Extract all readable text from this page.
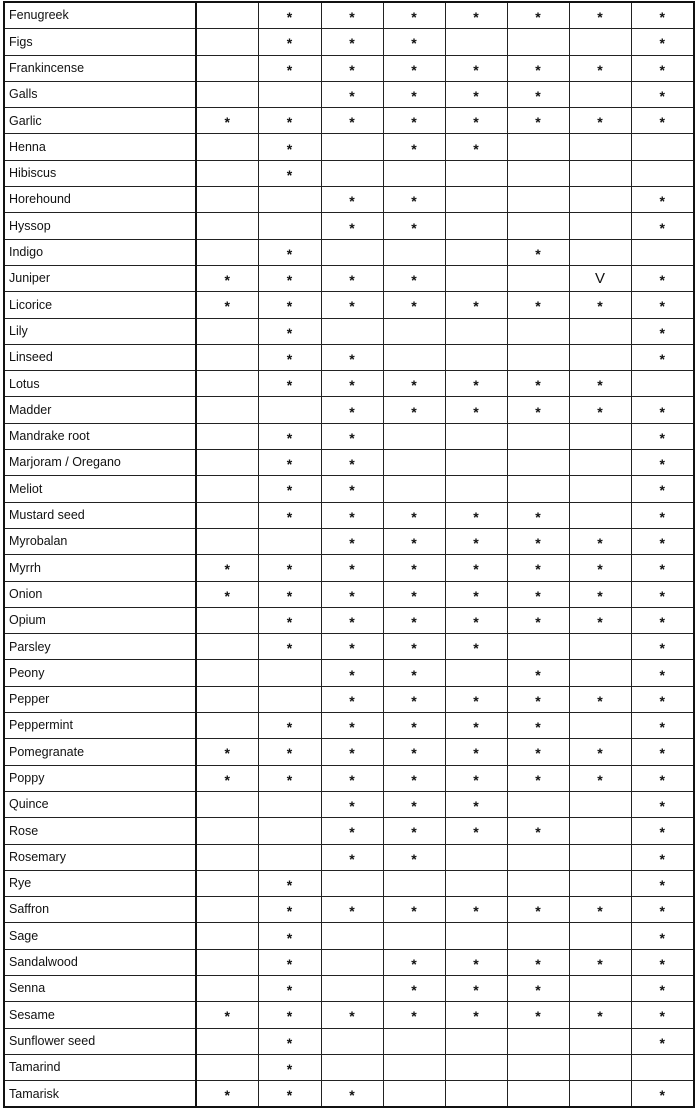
Fenugreek		*	*	*	*	*	*	*
Figs		*	*	*				*
Frankincense		*	*	*	*	*	*	*
Galls			*	*	*	*		*
Garlic	*	*	*	*	*	*	*	*
Henna		*		*	*			
Hibiscus		*						
Horehound			*	*				*
Hyssop			*	*				*
Indigo		*				*		
Juniper	*	*	*	*			V	*
Licorice	*	*	*	*	*	*	*	*
Lily		*						*
Linseed		*	*					*
Lotus		*	*	*	*	*	*	
Madder			*	*	*	*	*	*
Mandrake root		*	*					*
Marjoram / Oregano		*	*					*
Meliot		*	*					*
Mustard seed		*	*	*	*	*		*
Myrobalan			*	*	*	*	*	*
Myrrh	*	*	*	*	*	*	*	*
Onion	*	*	*	*	*	*	*	*
Opium		*	*	*	*	*	*	*
Parsley		*	*	*	*			*
Peony			*	*		*		*
Pepper			*	*	*	*	*	*
Peppermint		*	*	*	*	*		*
Pomegranate	*	*	*	*	*	*	*	*
Poppy	*	*	*	*	*	*	*	*
Quince			*	*	*			*
Rose			*	*	*	*		*
Rosemary			*	*				*
Rye		*						*
Saffron		*	*	*	*	*	*	*
Sage		*						*
Sandalwood		*		*	*	*	*	*
Senna		*		*	*	*		*
Sesame	*	*	*	*	*	*	*	*
Sunflower seed		*						*
Tamarind		*						
Tamarisk	*	*	*					*
